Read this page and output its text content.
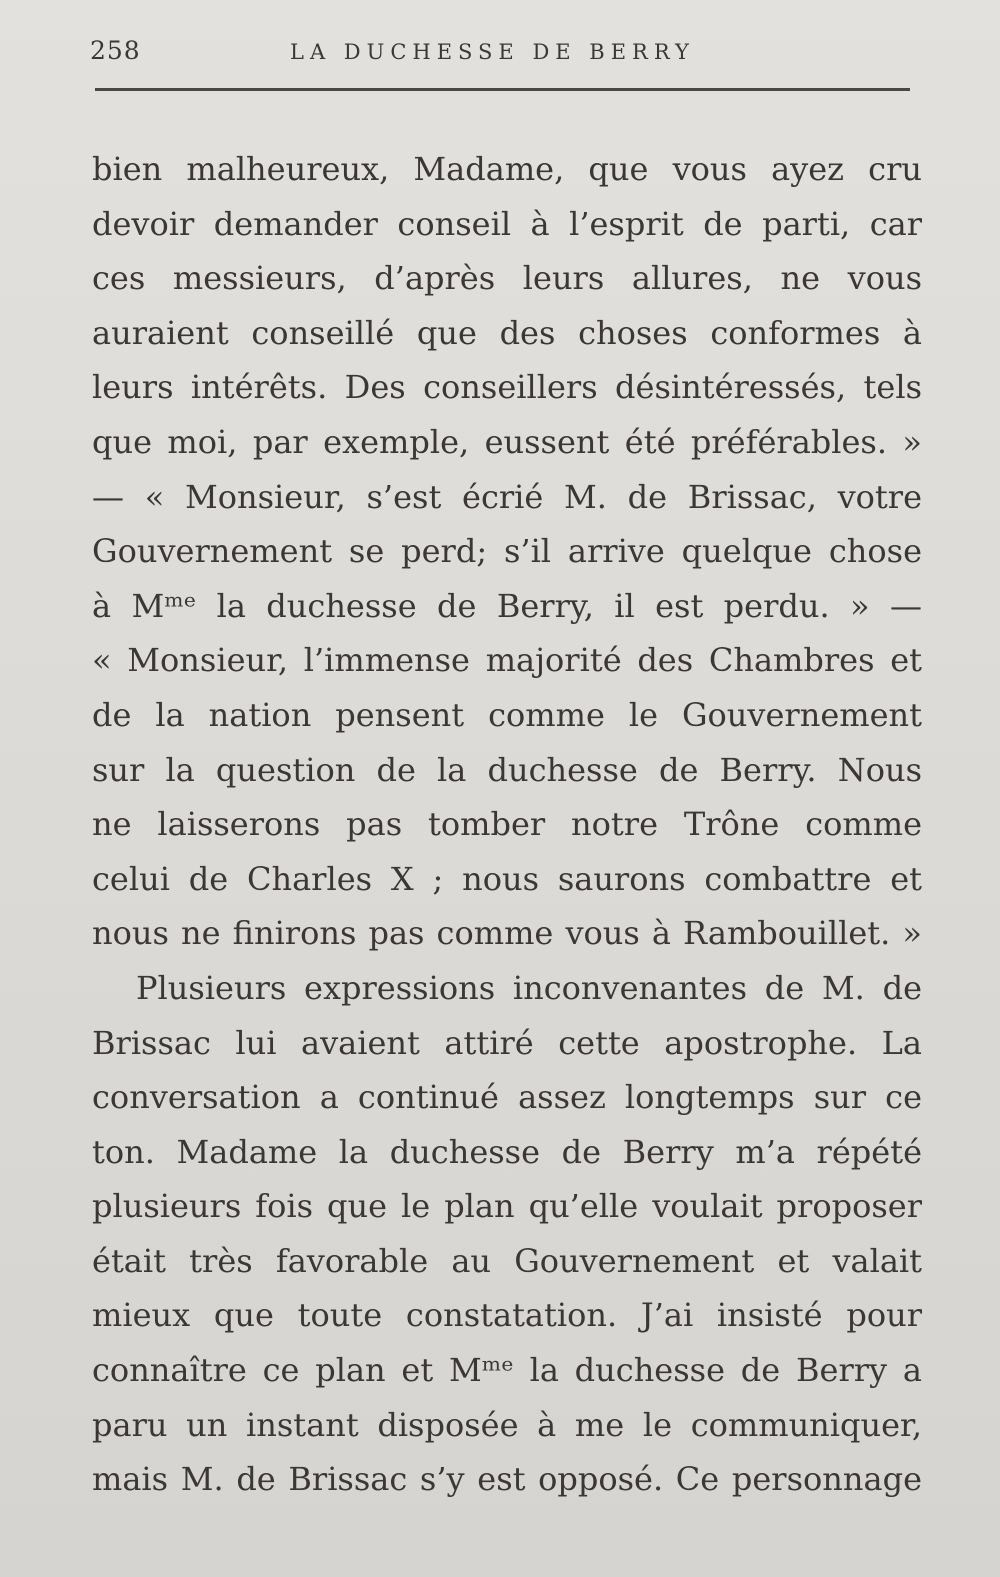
258	LA DUCHESSE DE BERRY
bien malheureux, Madame, que vous ayez cru
devoir demander conseil à l’esprit de parti, car
ces messieurs, d’après leurs allures, ne vous
auraient conseillé que des choses conformes à
leurs intérêts. Des conseillers désintéressés, tels
que moi, par exemple, eussent été préférables. »
— « Monsieur, s’est écrié M. de Brissac, votre
Gouvernement se perd; s’il arrive quelque chose
à Mᵐᵉ la duchesse de Berry, il est perdu. » —
« Monsieur, l’immense majorité des Chambres et
de la nation pensent comme le Gouvernement
sur la question de la duchesse de Berry. Nous
ne laisserons pas tomber notre Trône comme
celui de Charles X ; nous saurons combattre et
nous ne finirons pas comme vous à Rambouillet. »
Plusieurs expressions inconvenantes de M. de
Brissac lui avaient attiré cette apostrophe. La
conversation a continué assez longtemps sur ce
ton. Madame la duchesse de Berry m’a répété
plusieurs fois que le plan qu’elle voulait proposer
était très favorable au Gouvernement et valait
mieux que toute constatation. J’ai insisté pour
connaître ce plan et Mᵐᵉ la duchesse de Berry a
paru un instant disposée à me le communiquer,
mais M. de Brissac s’y est opposé. Ce personnage
